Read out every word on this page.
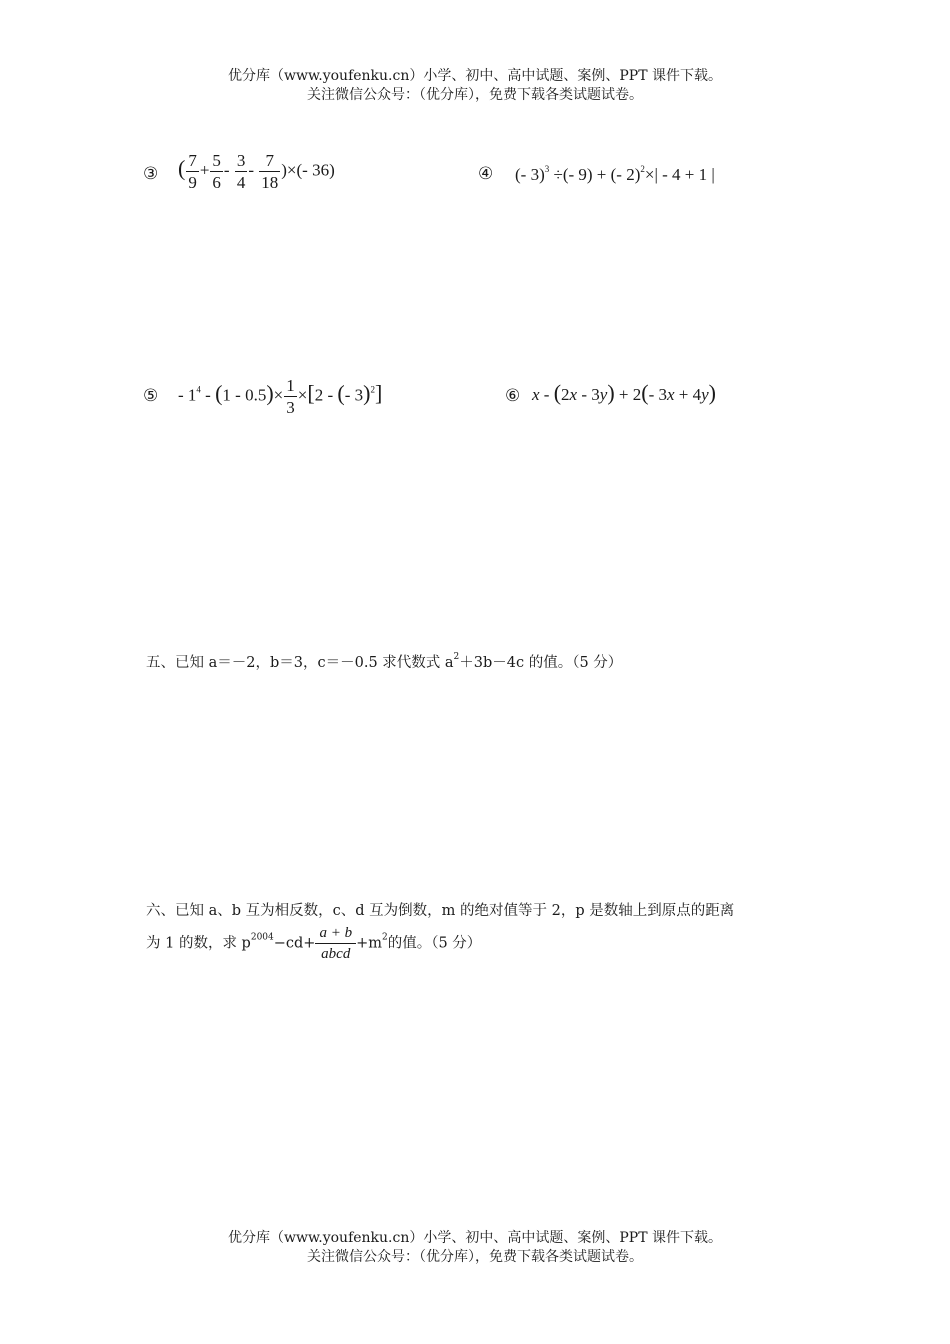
优分库（www.youfenku.cn）小学、初中、高中试题、案例、PPT 课件下载。
关注微信公众号：（优分库），免费下载各类试题试卷。
③ ( $\frac{7}{9} + \frac{5}{6} - \frac{3}{4} - \frac{7}{18}$ )×(- 36)	④ (- 3)$^3$ ÷(- 9) + (- 2)$^2$×| - 4 + 1 |
⑤ - $1^4 - (1 - 0.5)\times \frac{1}{3} \times[2$ - (- 3)$^2$]	⑥ x - (2x - 3y) + 2(- 3x + 4y)
五、已知 a＝－2，b＝3，c＝－0.5 求代数式 $a^2+3b-4c$ 的值。（5 分）
六、已知 a、b 互为相反数，c、d 互为倒数，m 的绝对值等于 2，p 是数轴上到原点的距离
为 1 的数，求 $p^{2004}-cd+ \frac{a + b}{\text{abcd}} +m^2$的值。（5 分）
优分库（www.youfenku.cn）小学、初中、高中试题、案例、PPT 课件下载。
关注微信公众号：（优分库），免费下载各类试题试卷。
